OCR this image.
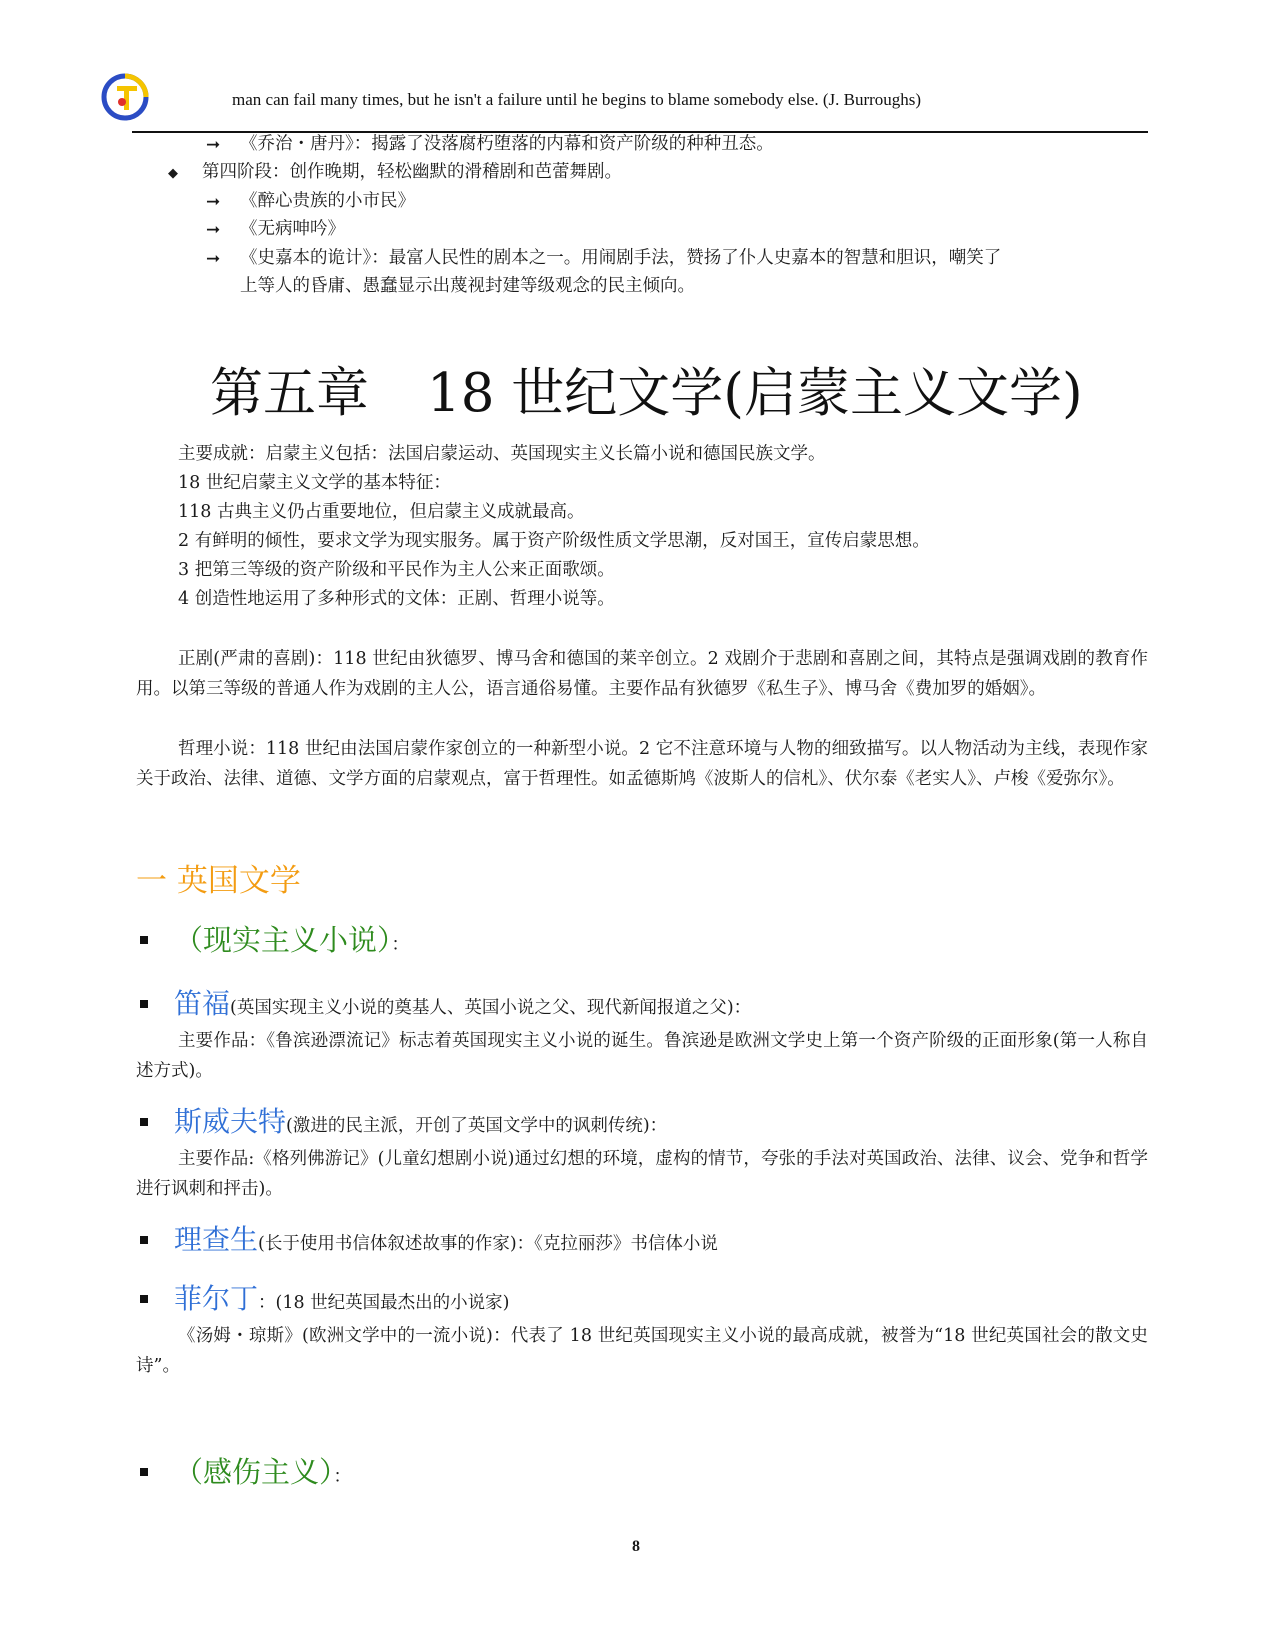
man can fail many times, but he isn't a failure until he begins to blame somebody else. (J. Burroughs)
➞ 《乔治・唐丹》：揭露了没落腐朽堕落的内幕和资产阶级的种种丑态。
◆ 第四阶段：创作晚期，轻松幽默的滑稽剧和芭蕾舞剧。
➞ 《醉心贵族的小市民》
➞ 《无病呻吟》
➞ 《史嘉本的诡计》：最富人民性的剧本之一。用闹剧手法，赞扬了仆人史嘉本的智慧和胆识，嘲笑了
上等人的昏庸、愚蠢显示出蔑视封建等级观念的民主倾向。
第五章 18 世纪文学(启蒙主义文学)
主要成就：启蒙主义包括：法国启蒙运动、英国现实主义长篇小说和德国民族文学。
18 世纪启蒙主义文学的基本特征：
118 古典主义仍占重要地位，但启蒙主义成就最高。
2 有鲜明的倾性，要求文学为现实服务。属于资产阶级性质文学思潮，反对国王，宣传启蒙思想。
3 把第三等级的资产阶级和平民作为主人公来正面歌颂。
4 创造性地运用了多种形式的文体：正剧、哲理小说等。
正剧(严肃的喜剧)：118 世纪由狄德罗、博马舍和德国的莱辛创立。2 戏剧介于悲剧和喜剧之间，其特点是强调戏剧的教育作用。以第三等级的普通人作为戏剧的主人公，语言通俗易懂。主要作品有狄德罗《私生子》、博马舍《费加罗的婚姻》。
哲理小说：118 世纪由法国启蒙作家创立的一种新型小说。2 它不注意环境与人物的细致描写。以人物活动为主线，表现作家关于政治、法律、道德、文学方面的启蒙观点，富于哲理性。如孟德斯鸠《波斯人的信札》、伏尔泰《老实人》、卢梭《爱弥尔》。
一 英国文学
（现实主义小说）：
笛福(英国实现主义小说的奠基人、英国小说之父、现代新闻报道之父)：
主要作品：《鲁滨逊漂流记》标志着英国现实主义小说的诞生。鲁滨逊是欧洲文学史上第一个资产阶级的正面形象(第一人称自述方式)。
斯威夫特(激进的民主派，开创了英国文学中的讽刺传统)：
主要作品:《格列佛游记》(儿童幻想剧小说)通过幻想的环境，虚构的情节，夸张的手法对英国政治、法律、议会、党争和哲学进行讽刺和抨击)。
理查生(长于使用书信体叙述故事的作家)：《克拉丽莎》书信体小说
菲尔丁：(18 世纪英国最杰出的小说家)
《汤姆・琼斯》(欧洲文学中的一流小说)：代表了 18 世纪英国现实主义小说的最高成就，被誉为“18 世纪英国社会的散文史诗”。
（感伤主义）：
8
